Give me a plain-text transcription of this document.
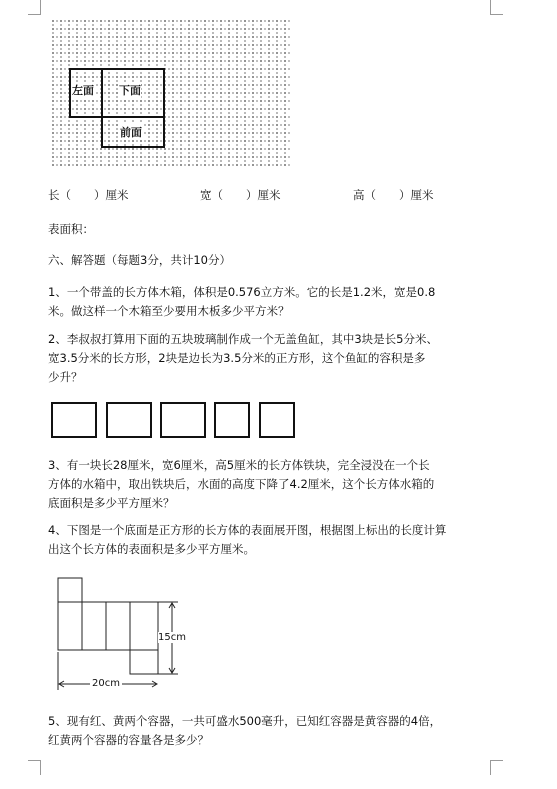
左面 下面
前面
长（　　）厘米	宽（　　）厘米	高（　　）厘米
表面积：
六、解答题（每题3分，共计10分）
1、一个带盖的长方体木箱，体积是0.576立方米。它的长是1.2米，宽是0.8
米。做这样一个木箱至少要用木板多少平方米？
2、李叔叔打算用下面的五块玻璃制作成一个无盖鱼缸，其中3块是长5分米、
宽3.5分米的长方形，2块是边长为3.5分米的正方形，这个鱼缸的容积是多
少升？
3、有一块长28厘米，宽6厘米，高5厘米的长方体铁块，完全浸没在一个长
方体的水箱中，取出铁块后，水面的高度下降了4.2厘米，这个长方体水箱的
底面积是多少平方厘米？
4、下图是一个底面是正方形的长方体的表面展开图，根据图上标出的长度计算
出这个长方体的表面积是多少平方厘米。
15cm
20cm
5、现有红、黄两个容器，一共可盛水500毫升，已知红容器是黄容器的4倍，
红黄两个容器的容量各是多少？
